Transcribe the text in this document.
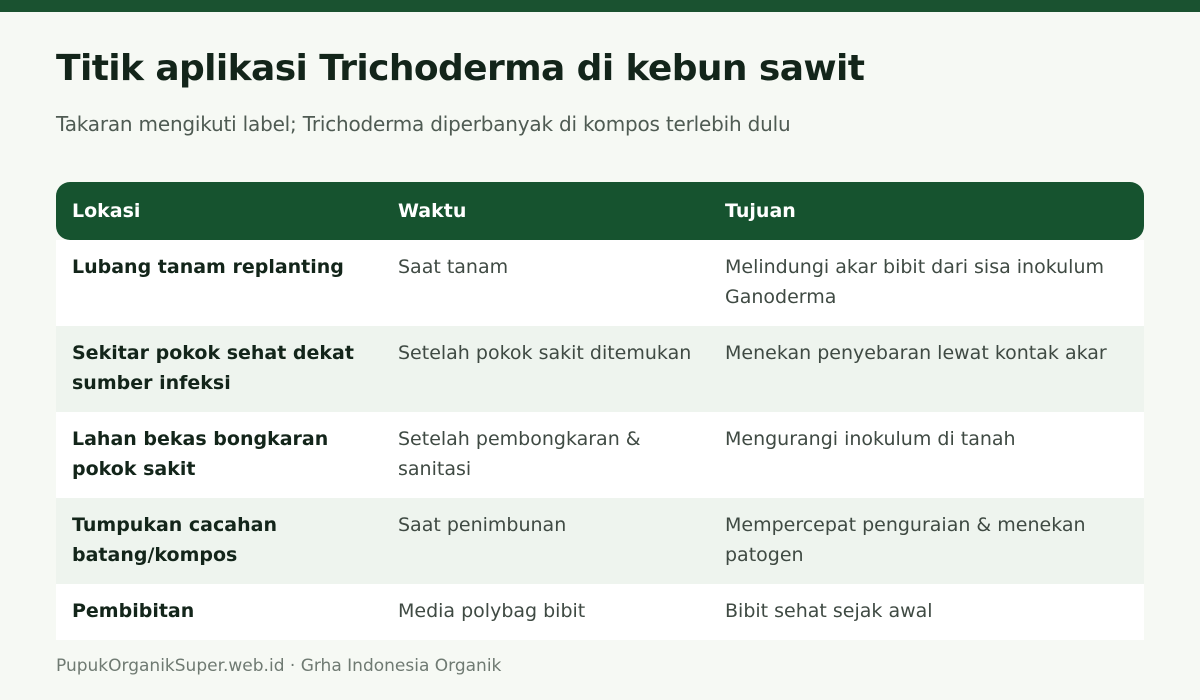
Titik aplikasi Trichoderma di kebun sawit

Takaran mengikuti label; Trichoderma diperbanyak di kompos terlebih dulu

Lokasi	Waktu	Tujuan
Lubang tanam replanting	Saat tanam	Melindungi akar bibit dari sisa inokulum Ganoderma
Sekitar pokok sehat dekat sumber infeksi	Setelah pokok sakit ditemukan	Menekan penyebaran lewat kontak akar
Lahan bekas bongkaran pokok sakit	Setelah pembongkaran & sanitasi	Mengurangi inokulum di tanah
Tumpukan cacahan batang/kompos	Saat penimbunan	Mempercepat penguraian & menekan patogen
Pembibitan	Media polybag bibit	Bibit sehat sejak awal

PupukOrganikSuper.web.id · Grha Indonesia Organik
